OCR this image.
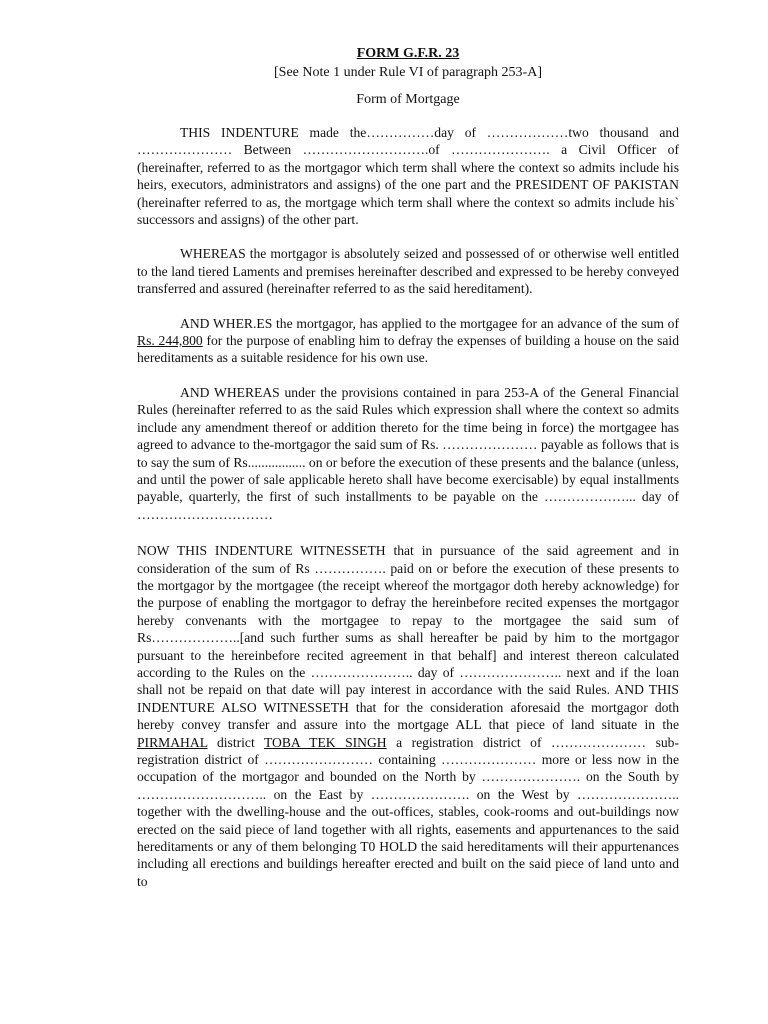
FORM G.F.R. 23
[See Note 1 under Rule VI of paragraph 253-A]
Form of Mortgage

THIS INDENTURE made the……………day of ………………two thousand and ………………… Between ……………………….of …………………. a Civil Officer of (hereinafter, referred to as the mortgagor which term shall where the context so admits include his heirs, executors, administrators and assigns) of the one part and the PRESIDENT OF PAKISTAN (hereinafter referred to as, the mortgage which term shall where the context so admits include his` successors and assigns) of the other part.

WHEREAS the mortgagor is absolutely seized and possessed of or otherwise well entitled to the land tiered Laments and premises hereinafter described and expressed to be hereby conveyed transferred and assured (hereinafter referred to as the said hereditament).

AND WHER.ES the mortgagor, has applied to the mortgagee for an advance of the sum of Rs. 244,800 for the purpose of enabling him to defray the expenses of building a house on the said hereditaments as a suitable residence for his own use.

AND WHEREAS under the provisions contained in para 253-A of the General Financial Rules (hereinafter referred to as the said Rules which expression shall where the context so admits include any amendment thereof or addition thereto for the time being in force) the mortgagee has agreed to advance to the-mortgagor the said sum of Rs. ………………… payable as follows that is to say the sum of Rs................. on or before the execution of these presents and the balance (unless, and until the power of sale applicable hereto shall have become exercisable) by equal installments payable, quarterly, the first of such installments to be payable on the ………………... day of …………………………

NOW THIS INDENTURE WITNESSETH that in pursuance of the said agreement and in consideration of the sum of Rs ……………. paid on or before the execution of these presents to the mortgagor by the mortgagee (the receipt whereof the mortgagor doth hereby acknowledge) for the purpose of enabling the mortgagor to defray the hereinbefore recited expenses the mortgagor hereby convenants with the mortgagee to repay to the mortgagee the said sum of Rs………………..[and such further sums as shall hereafter be paid by him to the mortgagor pursuant to the hereinbefore recited agreement in that behalf] and interest thereon calculated according to the Rules on the ………………….. day of ………………….. next and if the loan shall not be repaid on that date will pay interest in accordance with the said Rules. AND THIS INDENTURE ALSO WITNESSETH that for the consideration aforesaid the mortgagor doth hereby convey transfer and assure into the mortgage ALL that piece of land situate in the PIRMAHAL district TOBA TEK SINGH a registration district of ………………… sub-registration district of …………………… containing ………………… more or less now in the occupation of the mortgagor and bounded on the North by …………………. on the South by ……………………….. on the East by …………………. on the West by ………………….. together with the dwelling-house and the out-offices, stables, cook-rooms and out-buildings now erected on the said piece of land together with all rights, easements and appurtenances to the said hereditaments or any of them belonging T0 HOLD the said hereditaments will their appurtenances including all erections and buildings hereafter erected and built on the said piece of land unto and to
